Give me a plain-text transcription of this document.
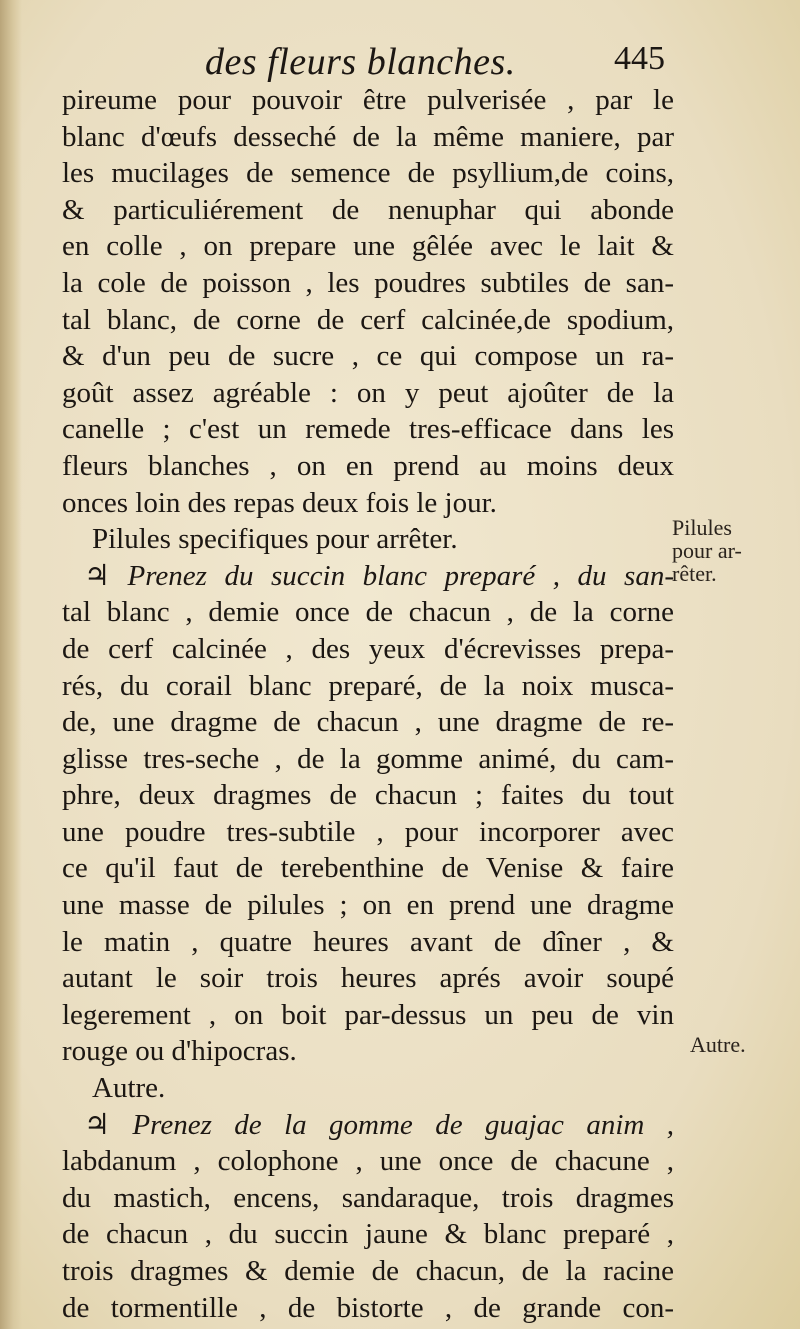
des fleurs blanches.	445
pireume pour pouvoir être pulverisée , par le
blanc d'œufs desseché de la même maniere, par
les mucilages de semence de psyllium,de coins,
& particuliérement de nenuphar qui abonde
en colle , on prepare une gêlée avec le lait &
la cole de poisson , les poudres subtiles de san-
tal blanc, de corne de cerf calcinée,de spodium,
& d'un peu de sucre , ce qui compose un ra-
goût assez agréable : on y peut ajoûter de la
canelle ; c'est un remede tres-efficace dans les
fleurs blanches , on en prend au moins deux
onces loin des repas deux fois le jour.
Pilules specifiques pour arrêter.
♃ Prenez du succin blanc preparé , du san-
tal blanc , demie once de chacun , de la corne
de cerf calcinée , des yeux d'écrevisses prepa-
rés, du corail blanc preparé, de la noix musca-
de, une dragme de chacun , une dragme de re-
glisse tres-seche , de la gomme animé, du cam-
phre, deux dragmes de chacun ; faites du tout
une poudre tres-subtile , pour incorporer avec
ce qu'il faut de terebenthine de Venise & faire
une masse de pilules ; on en prend une dragme
le matin , quatre heures avant de dîner , &
autant le soir trois heures aprés avoir soupé
legerement , on boit par-dessus un peu de vin
rouge ou d'hipocras.
Autre.
♃ Prenez de la gomme de guajac anim ,
labdanum , colophone , une once de chacune ,
du mastich, encens, sandaraque, trois dragmes
de chacun , du succin jaune & blanc preparé ,
trois dragmes & demie de chacun, de la racine
de tormentille , de bistorte , de grande con-
Pilules
pour ar-
rêter.
Autre.
